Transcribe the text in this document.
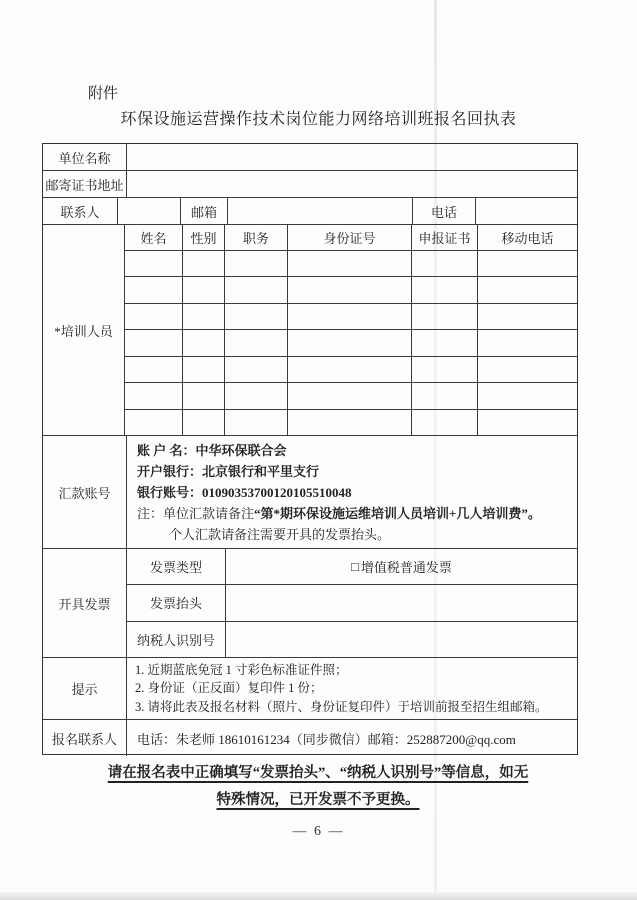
附件
环保设施运营操作技术岗位能力网络培训班报名回执表
单位名称
邮寄证书地址
联系人	邮箱	电话
*培训人员
姓名	性别	职务	身份证号	申报证书	移动电话
汇款账号
账 户 名：中华环保联合会
开户银行：北京银行和平里支行
银行账号：01090353700120105510048
注：单位汇款请备注“第*期环保设施运维培训人员培训+几人培训费”。
个人汇款请备注需要开具的发票抬头。
开具发票
发票类型	□ 增值税普通发票
发票抬头
纳税人识别号
提示
1. 近期蓝底免冠 1 寸彩色标准证件照；
2. 身份证（正反面）复印件 1 份；
3. 请将此表及报名材料（照片、身份证复印件）于培训前报至招生组邮箱。
报名联系人	电话：朱老师 18610161234（同步微信）邮箱：252887200@qq.com
请在报名表中正确填写“发票抬头”、“纳税人识别号”等信息，如无
特殊情况，已开发票不予更换。
— 6 —
